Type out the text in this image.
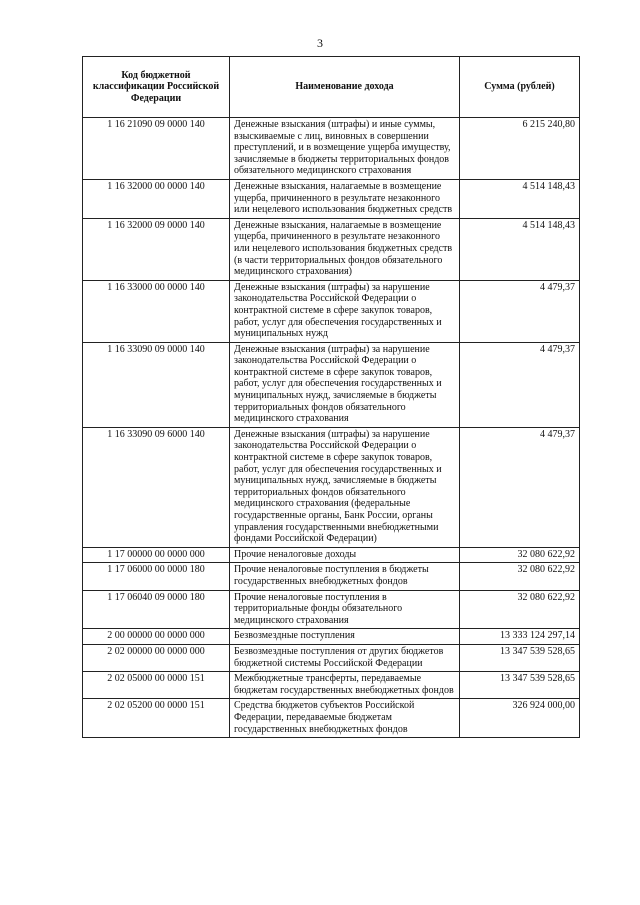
3
Код бюджетной классификации Российской Федерации	Наименование дохода	Сумма (рублей)
1 16 21090 09 0000 140	Денежные взыскания (штрафы) и иные суммы, взыскиваемые с лиц, виновных в совершении преступлений, и в возмещение ущерба имуществу, зачисляемые в бюджеты территориальных фондов обязательного медицинского страхования	6 215 240,80
1 16 32000 00 0000 140	Денежные взыскания, налагаемые в возмещение ущерба, причиненного в результате незаконного или нецелевого использования бюджетных средств	4 514 148,43
1 16 32000 09 0000 140	Денежные взыскания, налагаемые в возмещение ущерба, причиненного в результате незаконного или нецелевого использования бюджетных средств (в части территориальных фондов обязательного медицинского страхования)	4 514 148,43
1 16 33000 00 0000 140	Денежные взыскания (штрафы) за нарушение законодательства Российской Федерации о контрактной системе в сфере закупок товаров, работ, услуг для обеспечения государственных и муниципальных нужд	4 479,37
1 16 33090 09 0000 140	Денежные взыскания (штрафы) за нарушение законодательства Российской Федерации о контрактной системе в сфере закупок товаров, работ, услуг для обеспечения государственных и муниципальных нужд, зачисляемые в бюджеты территориальных фондов обязательного медицинского страхования	4 479,37
1 16 33090 09 6000 140	Денежные взыскания (штрафы) за нарушение законодательства Российской Федерации о контрактной системе в сфере закупок товаров, работ, услуг для обеспечения государственных и муниципальных нужд, зачисляемые в бюджеты территориальных фондов обязательного медицинского страхования (федеральные государственные органы, Банк России, органы управления государственными внебюджетными фондами Российской Федерации)	4 479,37
1 17 00000 00 0000 000	Прочие неналоговые доходы	32 080 622,92
1 17 06000 00 0000 180	Прочие неналоговые поступления в бюджеты государственных внебюджетных фондов	32 080 622,92
1 17 06040 09 0000 180	Прочие неналоговые поступления в территориальные фонды обязательного медицинского страхования	32 080 622,92
2 00 00000 00 0000 000	Безвозмездные поступления	13 333 124 297,14
2 02 00000 00 0000 000	Безвозмездные поступления от других бюджетов бюджетной системы Российской Федерации	13 347 539 528,65
2 02 05000 00 0000 151	Межбюджетные трансферты, передаваемые бюджетам государственных внебюджетных фондов	13 347 539 528,65
2 02 05200 00 0000 151	Средства бюджетов субъектов Российской Федерации, передаваемые бюджетам государственных внебюджетных фондов	326 924 000,00
